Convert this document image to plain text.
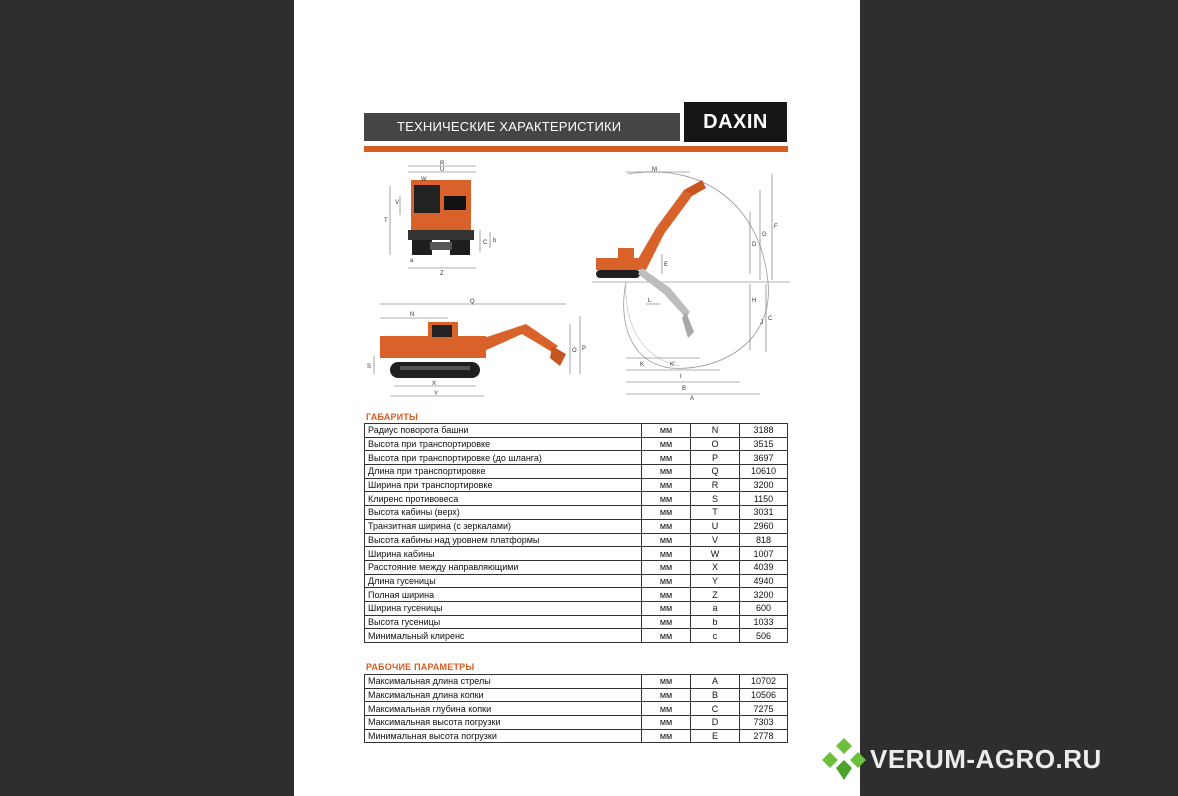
ТЕХНИЧЕСКИЕ ХАРАКТЕРИСТИКИ	DAXIN
R
U
W
V
T
C b
a
Z
Q
N
O P
S
X
Y
M
F
G
D
E
H
C
J
L
K	K'
I
B
A
ГАБАРИТЫ
Радиус поворота башни	мм	N	3188
Высота при транспортировке	мм	O	3515
Высота при транспортировке (до шланга)	мм	P	3697
Длина при транспортировке	мм	Q	10610
Ширина при транспортировке	мм	R	3200
Клиренс противовеса	мм	S	1150
Высота кабины (верх)	мм	T	3031
Транзитная ширина (с зеркалами)	мм	U	2960
Высота кабины над уровнем платформы	мм	V	818
Ширина кабины	мм	W	1007
Расстояние между направляющими	мм	X	4039
Длина гусеницы	мм	Y	4940
Полная ширина	мм	Z	3200
Ширина гусеницы	мм	a	600
Высота гусеницы	мм	b	1033
Минимальный клиренс	мм	c	506
РАБОЧИЕ ПАРАМЕТРЫ
Максимальная длина стрелы	мм	A	10702
Максимальная длина копки	мм	B	10506
Максимальная глубина копки	мм	C	7275
Максимальная высота погрузки	мм	D	7303
Минимальная высота погрузки	мм	E	2778
VERUM-AGRO.RU
